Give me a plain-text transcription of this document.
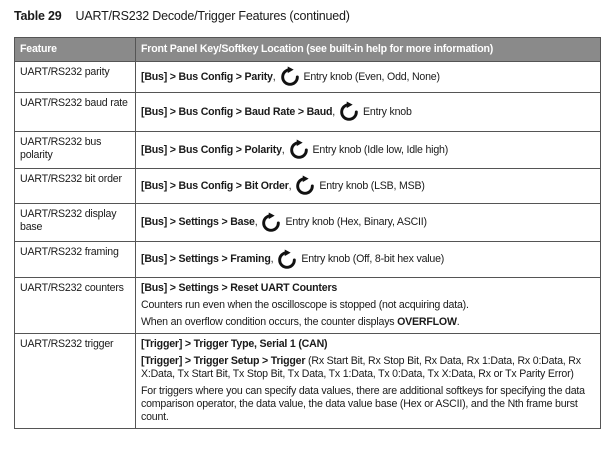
Table 29 UART/RS232 Decode/Trigger Features (continued)
Feature	Front Panel Key/Softkey Location (see built-in help for more information)
UART/RS232 parity	[Bus] > Bus Config > Parity , Entry knob (Even, Odd, None)

UART/RS232 baud rate	[Bus] > Bus Config > Baud Rate > Baud , Entry knob

UART/RS232 bus polarity	[Bus] > Bus Config > Polarity , Entry knob (Idle low, Idle high)

UART/RS232 bit order	[Bus] > Bus Config > Bit Order , Entry knob (LSB, MSB)

UART/RS232 display base	[Bus] > Settings > Base , Entry knob (Hex, Binary, ASCII)

UART/RS232 framing	[Bus] > Settings > Framing , Entry knob (Off, 8-bit hex value)

UART/RS232 counters	[Bus] > Settings > Reset UART Counters
Counters run even when the oscilloscope is stopped (not acquiring data).
When an overflow condition occurs, the counter displays OVERFLOW.

UART/RS232 trigger	[Trigger] > Trigger Type, Serial 1 (CAN)
[Trigger] > Trigger Setup > Trigger (Rx Start Bit, Rx Stop Bit, Rx Data, Rx 1:Data, Rx 0:Data, Rx X:Data, Tx Start Bit, Tx Stop Bit, Tx Data, Tx 1:Data, Tx 0:Data, Tx X:Data, Rx or Tx Parity Error)
For triggers where you can specify data values, there are additional softkeys for specifying the data comparison operator, the data value, the data value base (Hex or ASCII), and the Nth frame burst count.
